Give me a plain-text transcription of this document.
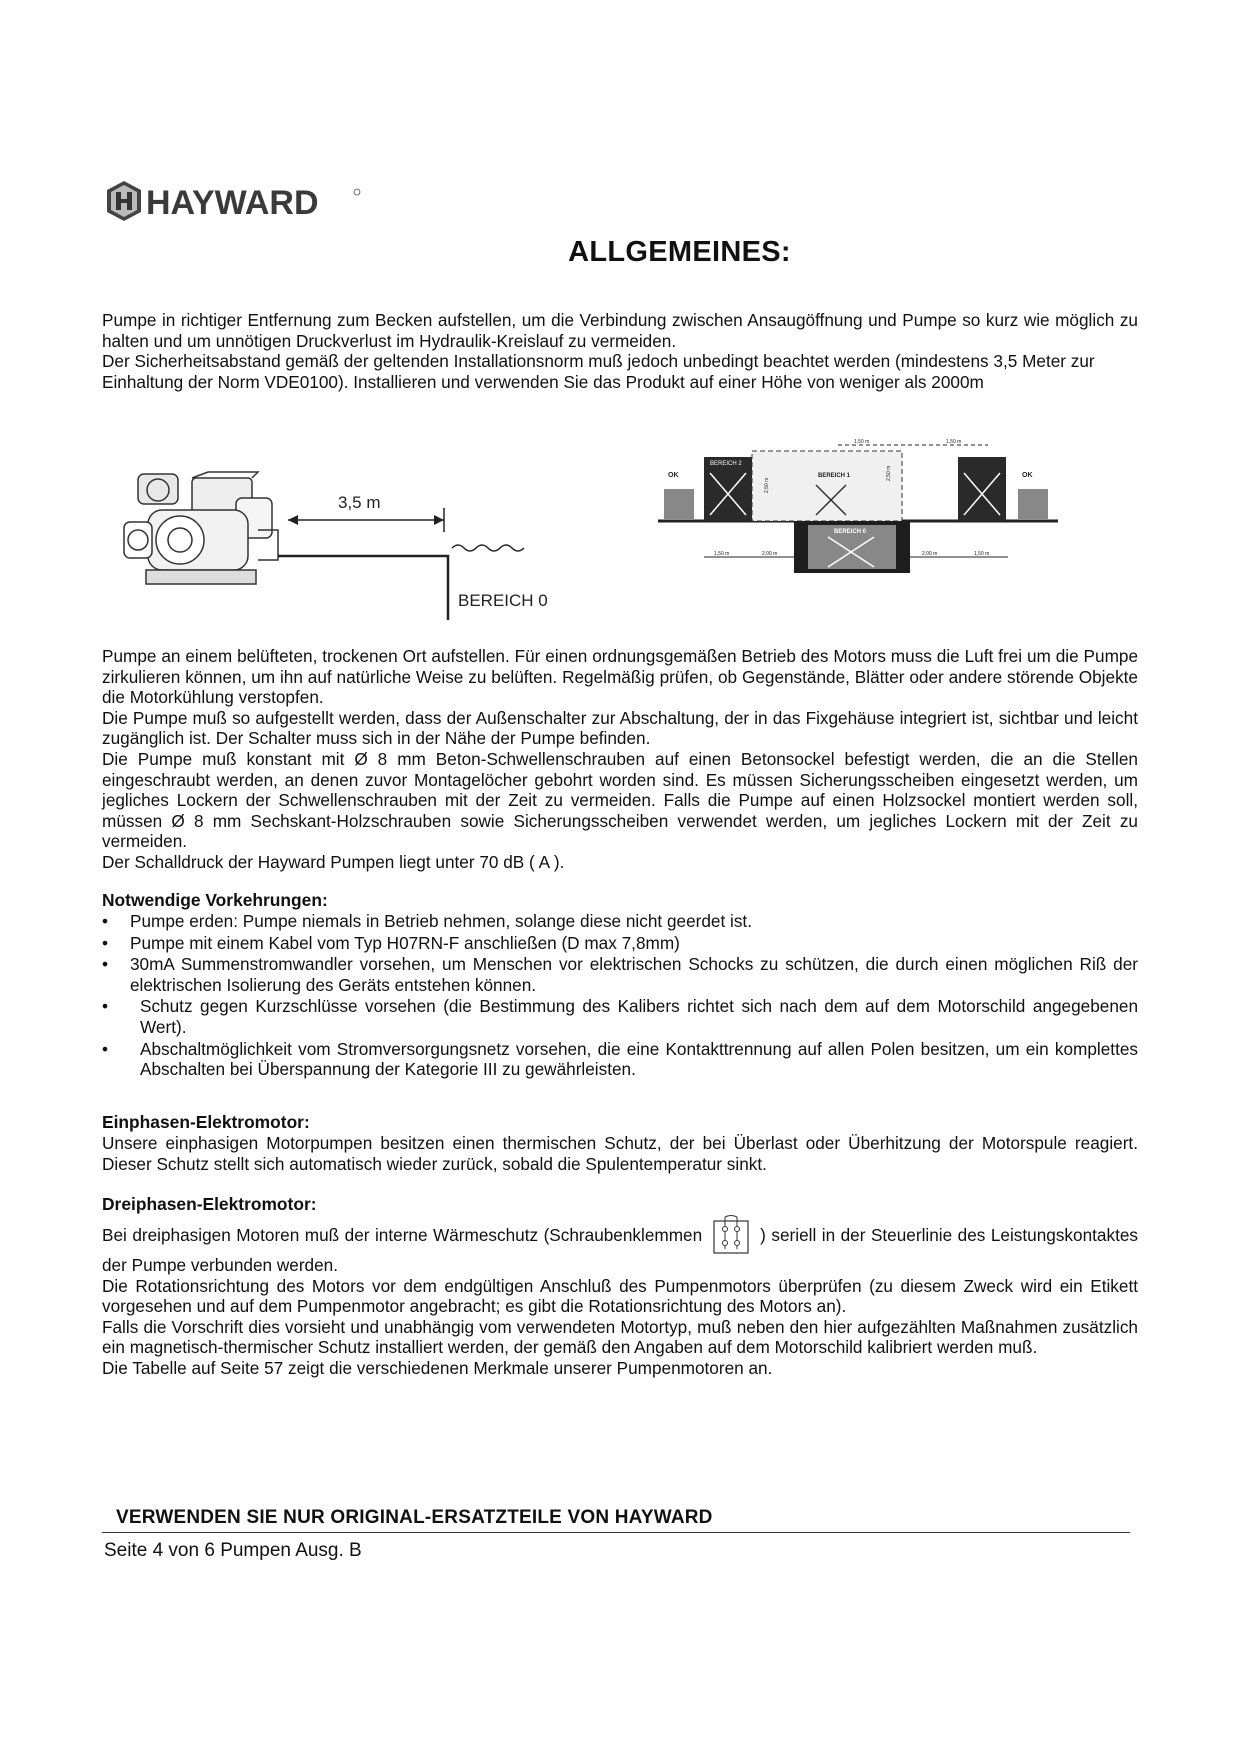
HAYWARD
ALLGEMEINES:

Pumpe in richtiger Entfernung zum Becken aufstellen, um die Verbindung zwischen Ansaugöffnung und Pumpe so kurz wie möglich zu halten und um unnötigen Druckverlust im Hydraulik-Kreislauf zu vermeiden.

Der Sicherheitsabstand gemäß der geltenden Installationsnorm muß jedoch unbedingt beachtet werden (mindestens 3,5 Meter zur Einhaltung der Norm VDE0100). Installieren und verwenden Sie das Produkt auf einer Höhe von weniger als 2000m

3,5 m
BEREICH 0
OK
BEREICH 2
BEREICH 1
2,50 m
2,50 m
1,50 m	1,50 m
OK
BEREICH 0
1,50 m	2,00 m	2,00 m	1,50 m

Pumpe an einem belüfteten, trockenen Ort aufstellen. Für einen ordnungsgemäßen Betrieb des Motors muss die Luft frei um die Pumpe zirkulieren können, um ihn auf natürliche Weise zu belüften. Regelmäßig prüfen, ob Gegenstände, Blätter oder andere störende Objekte die Motorkühlung verstopfen.

Die Pumpe muß so aufgestellt werden, dass der Außenschalter zur Abschaltung, der in das Fixgehäuse integriert ist, sichtbar und leicht zugänglich ist. Der Schalter muss sich in der Nähe der Pumpe befinden.

Die Pumpe muß konstant mit Ø 8 mm Beton-Schwellenschrauben auf einen Betonsockel befestigt werden, die an die Stellen eingeschraubt werden, an denen zuvor Montagelöcher gebohrt worden sind. Es müssen Sicherungsscheiben eingesetzt werden, um jegliches Lockern der Schwellenschrauben mit der Zeit zu vermeiden. Falls die Pumpe auf einen Holzsockel montiert werden soll, müssen Ø 8 mm Sechskant-Holzschrauben sowie Sicherungsscheiben verwendet werden, um jegliches Lockern mit der Zeit zu vermeiden.

Der Schalldruck der Hayward Pumpen liegt unter 70 dB ( A ).

Notwendige Vorkehrungen:
• Pumpe erden: Pumpe niemals in Betrieb nehmen, solange diese nicht geerdet ist.
• Pumpe mit einem Kabel vom Typ H07RN-F anschließen (D max 7,8mm)
• 30mA Summenstromwandler vorsehen, um Menschen vor elektrischen Schocks zu schützen, die durch einen möglichen Riß der elektrischen Isolierung des Geräts entstehen können.
• Schutz gegen Kurzschlüsse vorsehen (die Bestimmung des Kalibers richtet sich nach dem auf dem Motorschild angegebenen Wert).
• Abschaltmöglichkeit vom Stromversorgungsnetz vorsehen, die eine Kontakttrennung auf allen Polen besitzen, um ein komplettes Abschalten bei Überspannung der Kategorie III zu gewährleisten.
Einphasen-Elektromotor:

Unsere einphasigen Motorpumpen besitzen einen thermischen Schutz, der bei Überlast oder Überhitzung der Motorspule reagiert. Dieser Schutz stellt sich automatisch wieder zurück, sobald die Spulentemperatur sinkt.

Dreiphasen-Elektromotor:

Bei dreiphasigen Motoren muß der interne Wärmeschutz (Schraubenklemmen	) seriell in der Steuerlinie des Leistungskontaktes der Pumpe verbunden werden.

Die Rotationsrichtung des Motors vor dem endgültigen Anschluß des Pumpenmotors überprüfen (zu diesem Zweck wird ein Etikett vorgesehen und auf dem Pumpenmotor angebracht; es gibt die Rotationsrichtung des Motors an).

Falls die Vorschrift dies vorsieht und unabhängig vom verwendeten Motortyp, muß neben den hier aufgezählten Maßnahmen zusätzlich ein magnetisch-thermischer Schutz installiert werden, der gemäß den Angaben auf dem Motorschild kalibriert werden muß.

Die Tabelle auf Seite 57 zeigt die verschiedenen Merkmale unserer Pumpenmotoren an.

VERWENDEN SIE NUR ORIGINAL-ERSATZTEILE VON HAYWARD
Seite 4 von 6 Pumpen Ausg. B
